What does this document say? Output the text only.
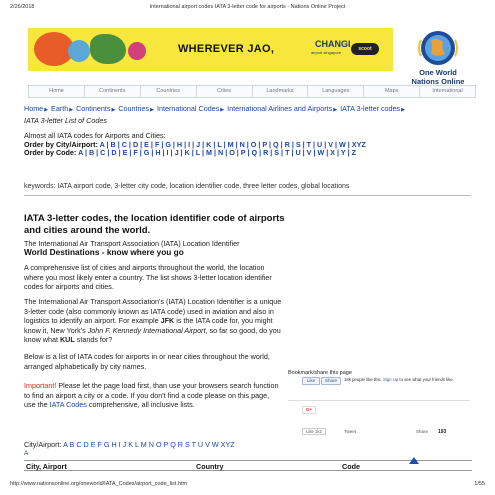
2/26/2018	International airport codes IATA 3-letter code for airports - Nations Online Project
WHEREVER JAO,	CHANGI
airport singapore
scoot
One World
Nations Online
Home	Continents	Countries	Cities	Landmarks	Languages	Maps	International
Home▶ Earth▶ Continents▶ Countries▶ International Codes▶ International Airlines and Airports▶ IATA 3-letter codes▶
IATA 3-letter List of Codes
Almost all IATA codes for Airports and Cities:
Order by City/Airport: A | B | C | D | E | F | G | H | I | J | K | L | M | N | O | P | Q | R | S | T | U | V | W | XYZ
Order by Code: A | B | C | D | E | F | G | H | I | J | K | L | M | N | O | P | Q | R | S | T | U | V | W | X | Y | Z
keywords: IATA airport code, 3-letter city code, location identifier code, three letter codes, global locations
IATA 3-letter codes, the location identifier code of airports and cities around the world.
The International Air Transport Association (IATA) Location Identifier
World Destinations - know where you go
A comprehensive list of cities and airports throughout the world, the location where you most likely enter a country. The list shows 3-letter location identifier codes for airports and cities.
The International Air Transport Association's (IATA) Location Identifier is a unique 3-letter code (also commonly known as IATA code) used in aviation and also in logistics to identify an airport. For example JFK is the IATA code for, you might know it, New York's John F. Kennedy International Airport, so far so good, do you know what KUL stands for?
Below is a list of IATA codes for airports in or near cities throughout the world, arranged alphabetically by city names.
Important! Please let the page load first, than use your browsers search function to find an airport a city or a code. If you don't find a code please on this page, use the IATA Codes comprehensive, all inclusive lists.
Bookmark/share this page
Like	Share	18k people like this. Sign Up to see what your friends like.
G+
Like 1k2	Tweet	Share 193
City/Airport: A B C D E F G H I J K L M N O P Q R S T U V W XYZ
A
City, Airport	Country	Code
http://www.nationsonline.org/oneworld/IATA_Codes/airport_code_list.htm	1/55
